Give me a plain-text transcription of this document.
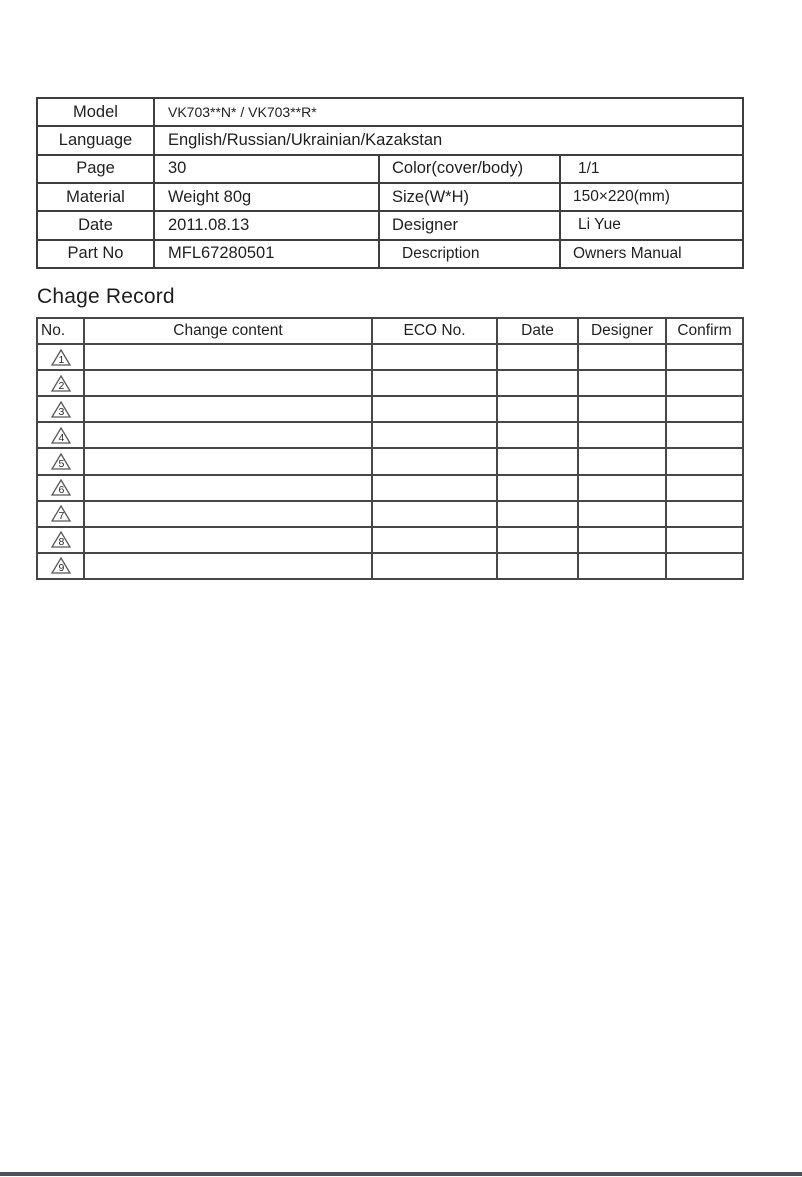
Model	VK703**N* / VK703**R*		
Language	English/Russian/Ukrainian/Kazakstan		
Page	30	Color(cover/body)	1/1
Material	Weight 80g	Size(W*H)	150×220(mm)
Date	2011.08.13	Designer	Li Yue
Part No	MFL67280501	Description	Owners Manual
Chage Record
No.	Change content	ECO No.	Date	Designer	Confirm

1					

2					

3					

4					

5					

6					

7					

8					

9					
